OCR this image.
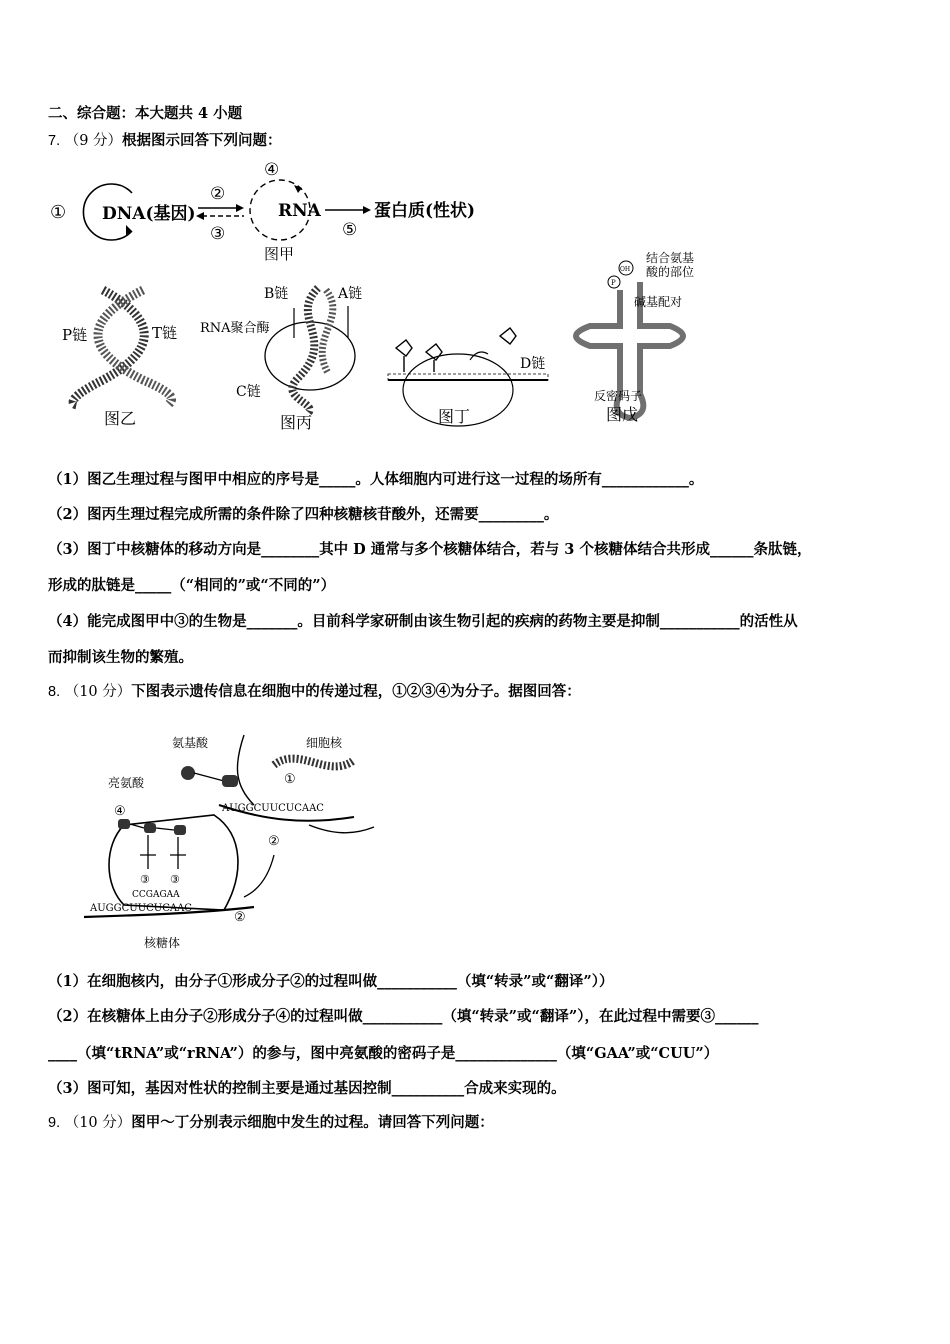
二、综合题：本大题共 4 小题
7. （9 分）根据图示回答下列问题：
① DNA(基因)
②
③
④
RNA	蛋白质(性状)
⑤
图甲
P链	T链
图乙
B链	A链
RNA聚合酶
C链
图丙
D链
图丁
OH
P
结合氨基
酸的部位
碱基配对
反密码子
图戊
（1）图乙生理过程与图甲中相应的序号是_____。人体细胞内可进行这一过程的场所有____________。
（2）图丙生理过程完成所需的条件除了四种核糖核苷酸外，还需要_________。
（3）图丁中核糖体的移动方向是________其中 D 通常与多个核糖体结合，若与 3 个核糖体结合共形成______条肽链，
形成的肽链是_____（“相同的”或“不同的”）
（4）能完成图甲中③的生物是_______。目前科学家研制由该生物引起的疾病的药物主要是抑制___________的活性从
而抑制该生物的繁殖。
8. （10 分）下图表示遗传信息在细胞中的传递过程，①②③④为分子。据图回答：
氨基酸	细胞核
亮氨酸	①
AUGGCUUCUCAAC
②
④
③ ③
CCGAGAA
AUGGCUUCUCAAC
②
核糖体
（1）在细胞核内，由分子①形成分子②的过程叫做___________（填“转录”或“翻译”））
（2）在核糖体上由分子②形成分子④的过程叫做___________（填“转录”或“翻译”），在此过程中需要③______
____（填“tRNA”或“rRNA”）的参与，图中亮氨酸的密码子是______________（填“GAA”或“CUU”）
（3）图可知，基因对性状的控制主要是通过基因控制__________合成来实现的。
9. （10 分）图甲～丁分别表示细胞中发生的过程。请回答下列问题：
